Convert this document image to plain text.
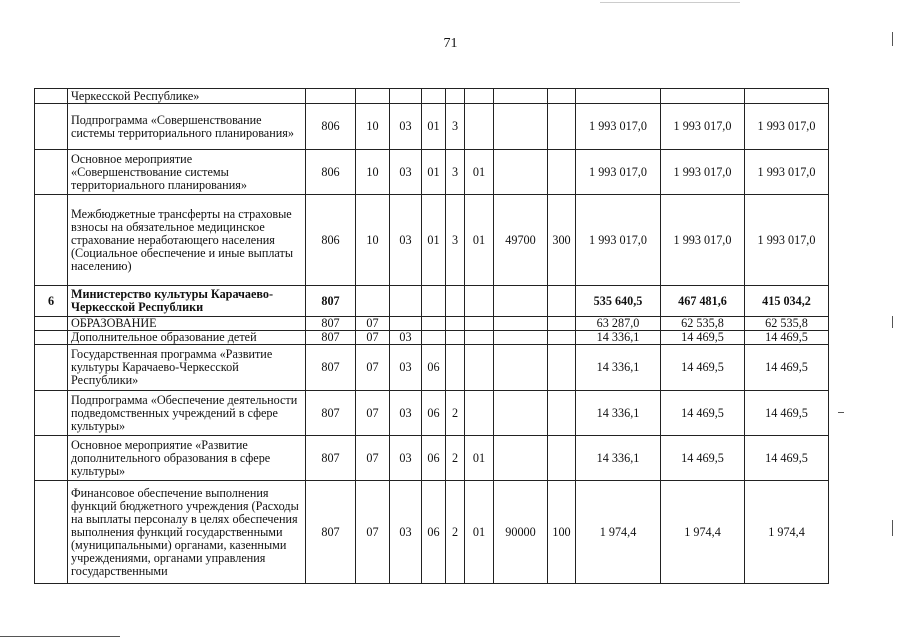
71
	Черкесской Республике»											
	Подпрограмма «Совершенствование системы территориального планирования»	806	10	03	01	3				1 993 017,0	1 993 017,0	1 993 017,0
	Основное мероприятие «Совершенствование системы территориального планирования»	806	10	03	01	3	01			1 993 017,0	1 993 017,0	1 993 017,0
	Межбюджетные трансферты на страховые взносы на обязательное медицинское страхование неработающего населения (Социальное обеспечение и иные выплаты населению)	806	10	03	01	3	01	49700	300	1 993 017,0	1 993 017,0	1 993 017,0
6	Министерство культуры Карачаево-Черкесской Республики	807								535 640,5	467 481,6	415 034,2
	ОБРАЗОВАНИЕ	807	07							63 287,0	62 535,8	62 535,8
	Дополнительное образование детей	807	07	03						14 336,1	14 469,5	14 469,5
	Государственная программа «Развитие культуры Карачаево-Черкесской Республики»	807	07	03	06					14 336,1	14 469,5	14 469,5
	Подпрограмма «Обеспечение деятельности подведомственных учреждений в сфере культуры»	807	07	03	06	2				14 336,1	14 469,5	14 469,5
	Основное мероприятие «Развитие дополнительного образования в сфере культуры»	807	07	03	06	2	01			14 336,1	14 469,5	14 469,5
	Финансовое обеспечение выполнения функций бюджетного учреждения (Расходы на выплаты персоналу в целях обеспечения выполнения функций государственными (муниципальными) органами, казенными учреждениями, органами управления государственными	807	07	03	06	2	01	90000	100	1 974,4	1 974,4	1 974,4
